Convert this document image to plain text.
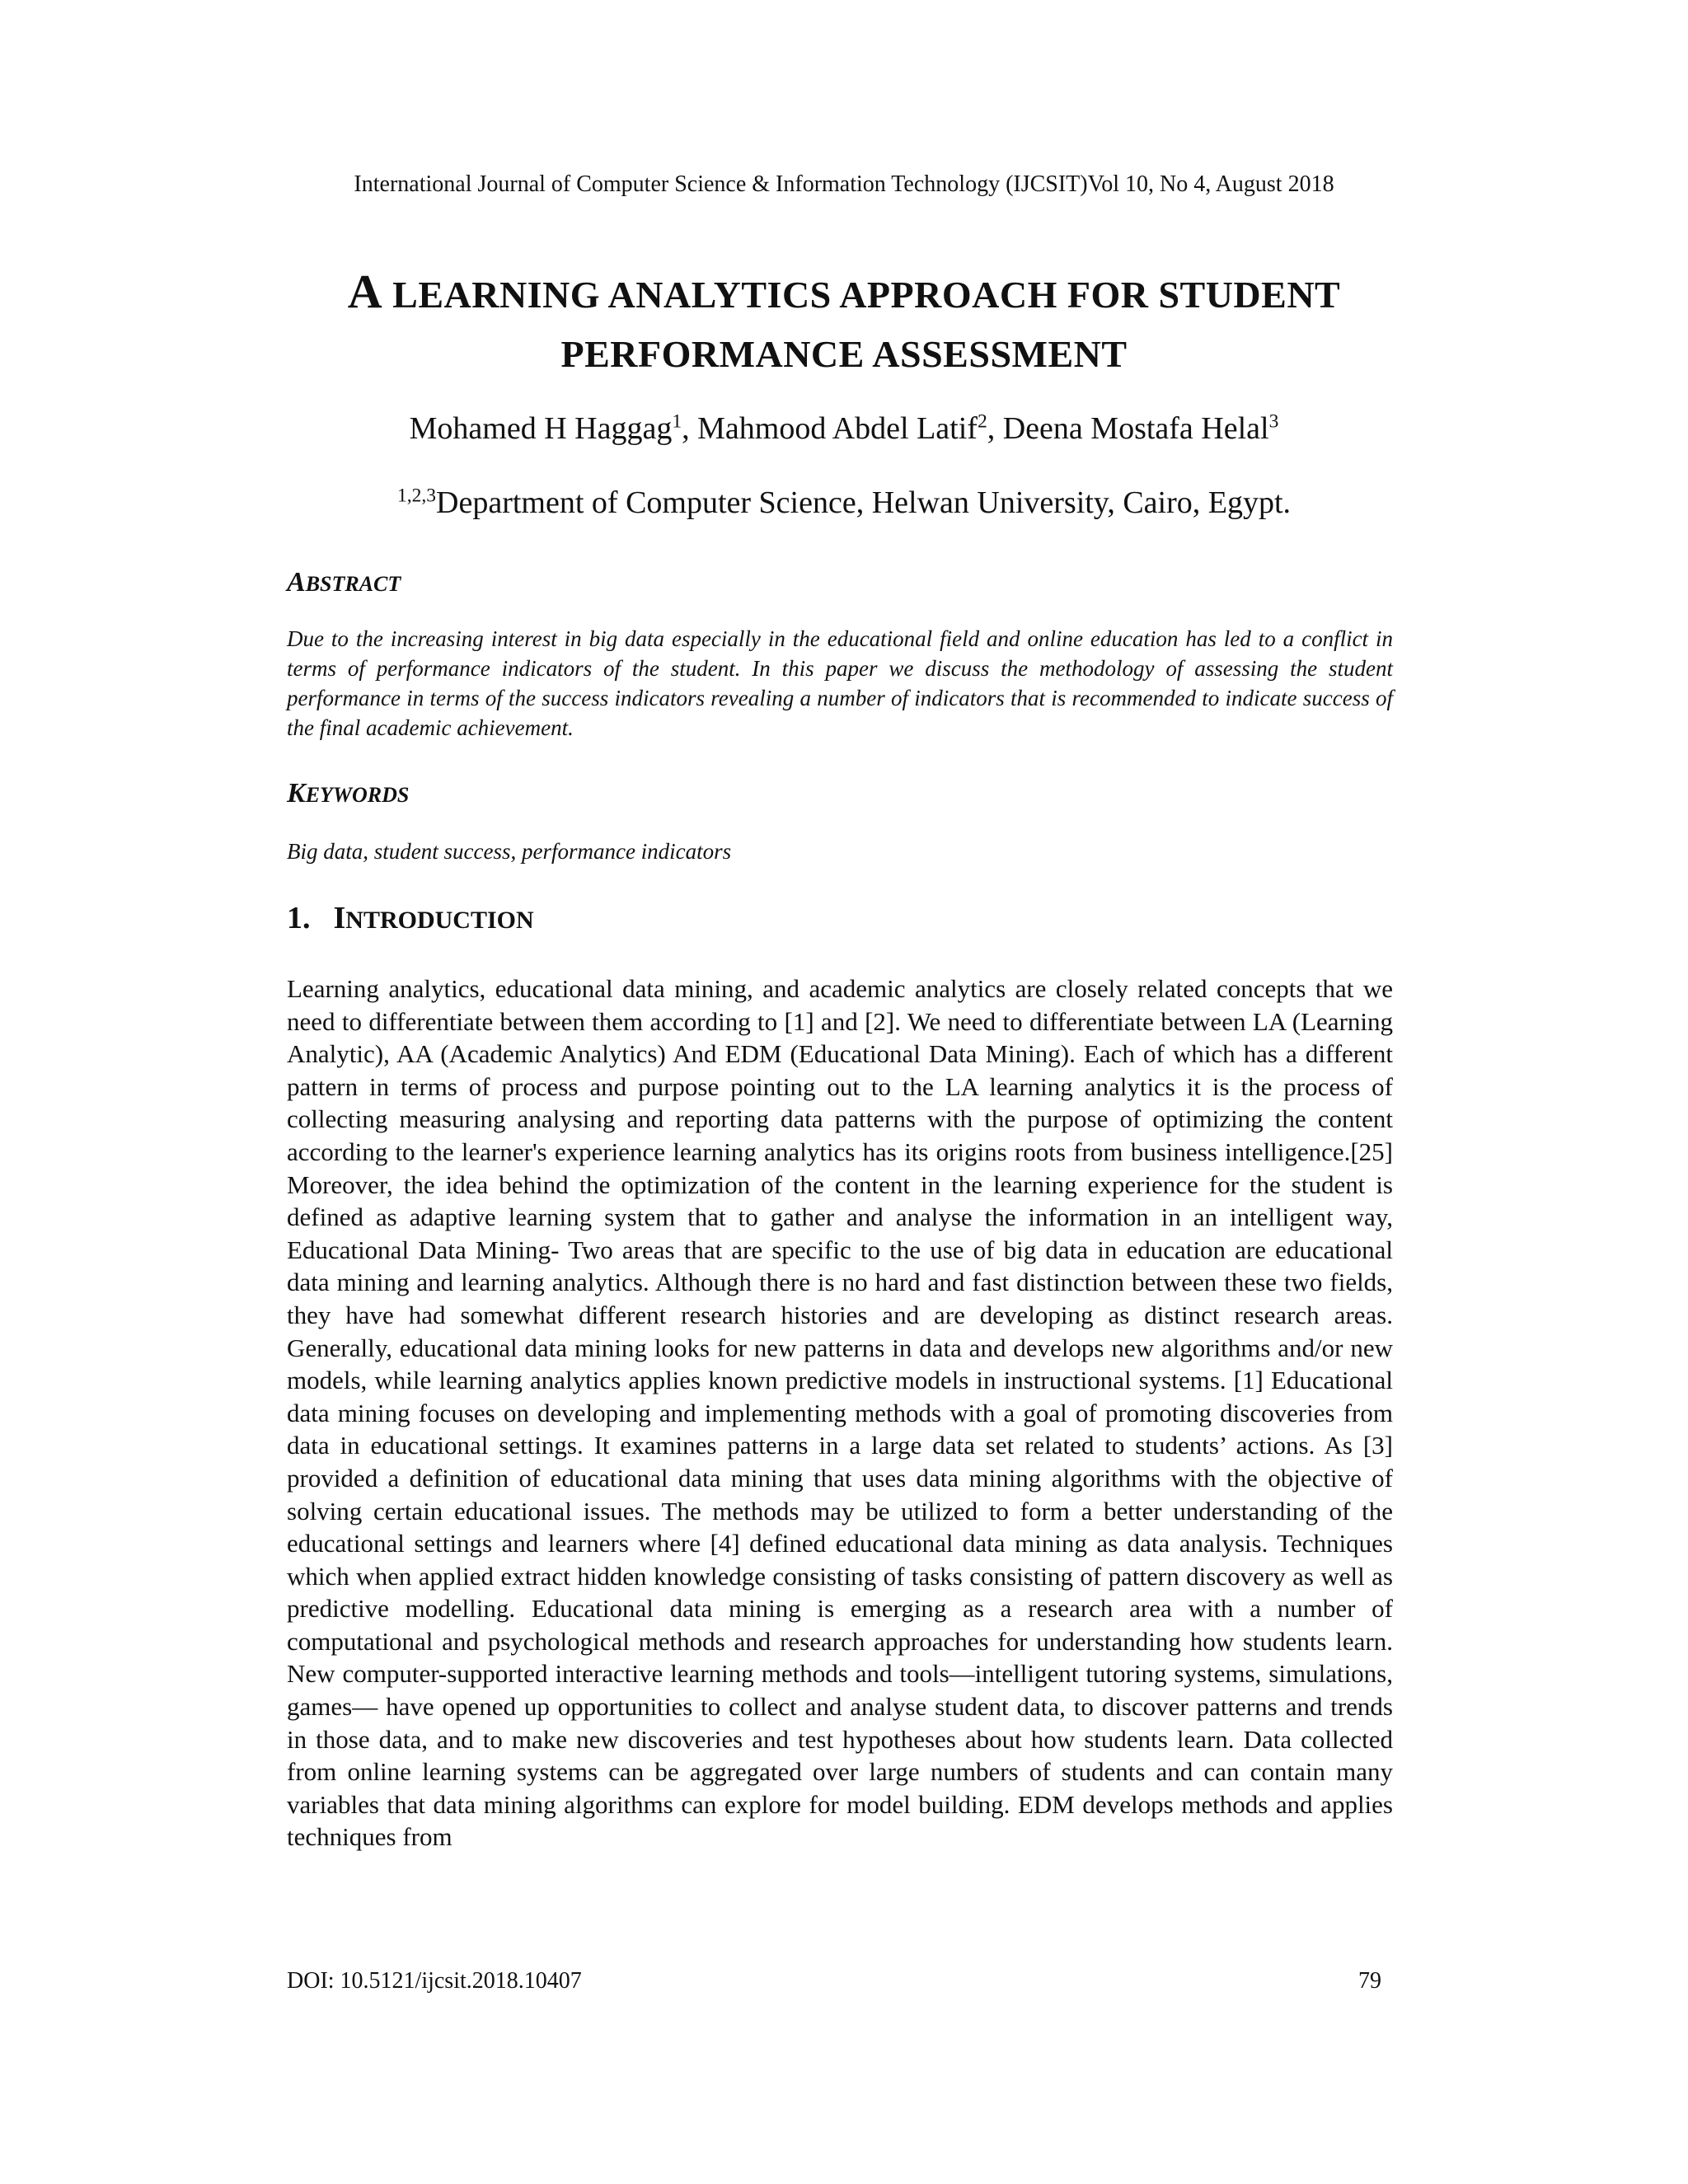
International Journal of Computer Science & Information Technology (IJCSIT)Vol 10, No 4, August 2018
A LEARNING ANALYTICS APPROACH FOR STUDENT
PERFORMANCE ASSESSMENT
Mohamed H Haggag$^1$, Mahmood Abdel Latif$^2$, Deena Mostafa Helal$^3$
$^{1,2,3}$Department of Computer Science, Helwan University, Cairo, Egypt.
ABSTRACT
Due to the increasing interest in big data especially in the educational field and online education has led to a conflict in terms of performance indicators of the student. In this paper we discuss the methodology of assessing the student performance in terms of the success indicators revealing a number of indicators that is recommended to indicate success of the final academic achievement.
KEYWORDS
Big data, student success, performance indicators
1. INTRODUCTION
Learning analytics, educational data mining, and academic analytics are closely related concepts that we need to differentiate between them according to [1] and [2]. We need to differentiate between LA (Learning Analytic), AA (Academic Analytics) And EDM (Educational Data Mining). Each of which has a different pattern in terms of process and purpose pointing out to the LA learning analytics it is the process of collecting measuring analysing and reporting data patterns with the purpose of optimizing the content according to the learner's experience learning analytics has its origins roots from business intelligence.[25] Moreover, the idea behind the optimization of the content in the learning experience for the student is defined as adaptive learning system that to gather and analyse the information in an intelligent way, Educational Data Mining- Two areas that are specific to the use of big data in education are educational data mining and learning analytics. Although there is no hard and fast distinction between these two fields, they have had somewhat different research histories and are developing as distinct research areas. Generally, educational data mining looks for new patterns in data and develops new algorithms and/or new models, while learning analytics applies known predictive models in instructional systems. [1] Educational data mining focuses on developing and implementing methods with a goal of promoting discoveries from data in educational settings. It examines patterns in a large data set related to students’ actions. As [3] provided a definition of educational data mining that uses data mining algorithms with the objective of solving certain educational issues. The methods may be utilized to form a better understanding of the educational settings and learners where [4] defined educational data mining as data analysis. Techniques which when applied extract hidden knowledge consisting of tasks consisting of pattern discovery as well as predictive modelling. Educational data mining is emerging as a research area with a number of computational and psychological methods and research approaches for understanding how students learn. New computer-supported interactive learning methods and tools—intelligent tutoring systems, simulations, games— have opened up opportunities to collect and analyse student data, to discover patterns and trends in those data, and to make new discoveries and test hypotheses about how students learn. Data collected from online learning systems can be aggregated over large numbers of students and can contain many variables that data mining algorithms can explore for model building. EDM develops methods and applies techniques from
DOI: 10.5121/ijcsit.2018.10407	79
